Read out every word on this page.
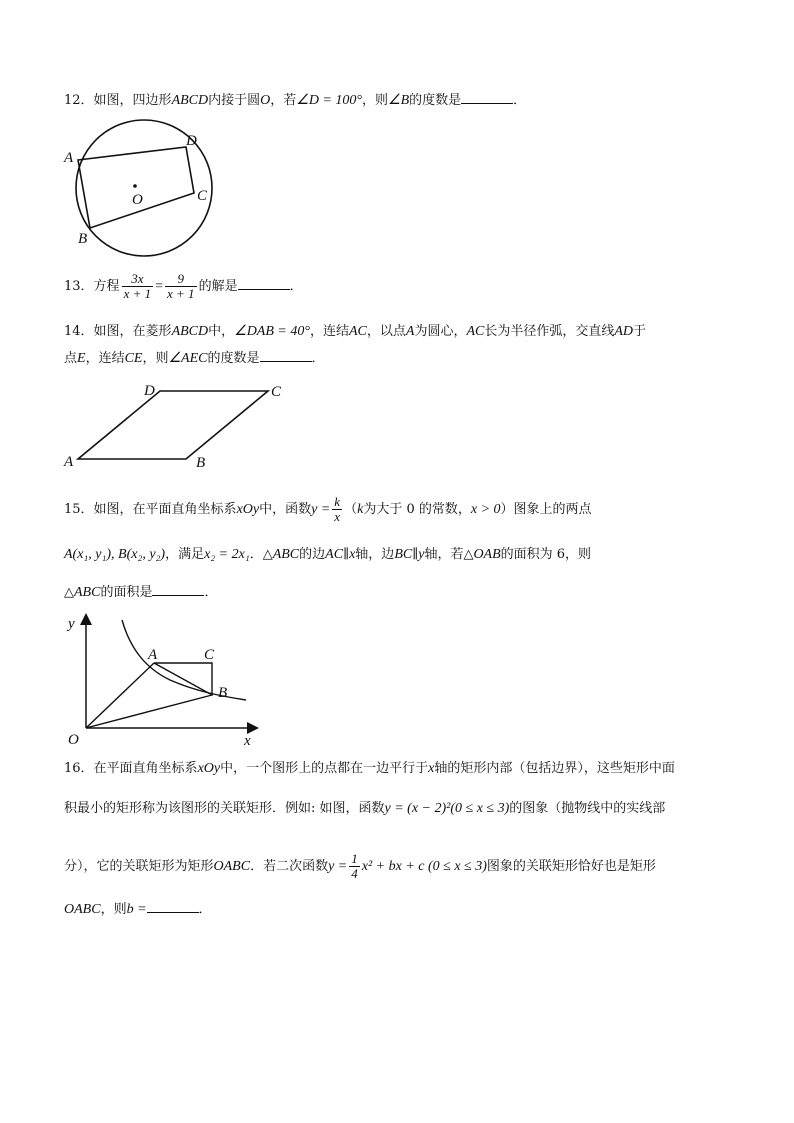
12．如图，四边形ABCD内接于圆O，若∠D = 100°，则∠B的度数是	．
A
D
O	C
B
13．方程 $\frac{3x}{x + 1} = \frac{9}{x + 1}$ 的解是	．
14．如图，在菱形ABCD中，∠DAB = 40°，连结AC，以点A为圆心，AC长为半径作弧，交直线AD于
点E，连结CE，则∠AEC的度数是	．
D	C
A	B
15．如图，在平面直角坐标系xOy中，函数$y = \frac{k}{x} (k$为大于 0 的常数，x > 0）图象上的两点
A(x₁, y₁), B(x₂, y₂)，满足x₂ = 2x₁．△ABC的边AC∥x轴，边BC∥y轴，若△OAB的面积为 6，则
△ABC的面积是	．
y
x
O
A	C
B
16．在平面直角坐标系xOy中，一个图形上的点都在一边平行于x轴的矩形内部（包括边界），这些矩形中面
积最小的矩形称为该图形的关联矩形．例如: 如图，函数y = (x − 2)²(0 ≤ x ≤ 3)的图象（抛物线中的实线部
分），它的关联矩形为矩形OABC．若二次函数$y = \frac{1}{4} x^2$ + bx + c (0 ≤ x ≤ 3)图象的关联矩形恰好也是矩形
OABC，则b =	．
